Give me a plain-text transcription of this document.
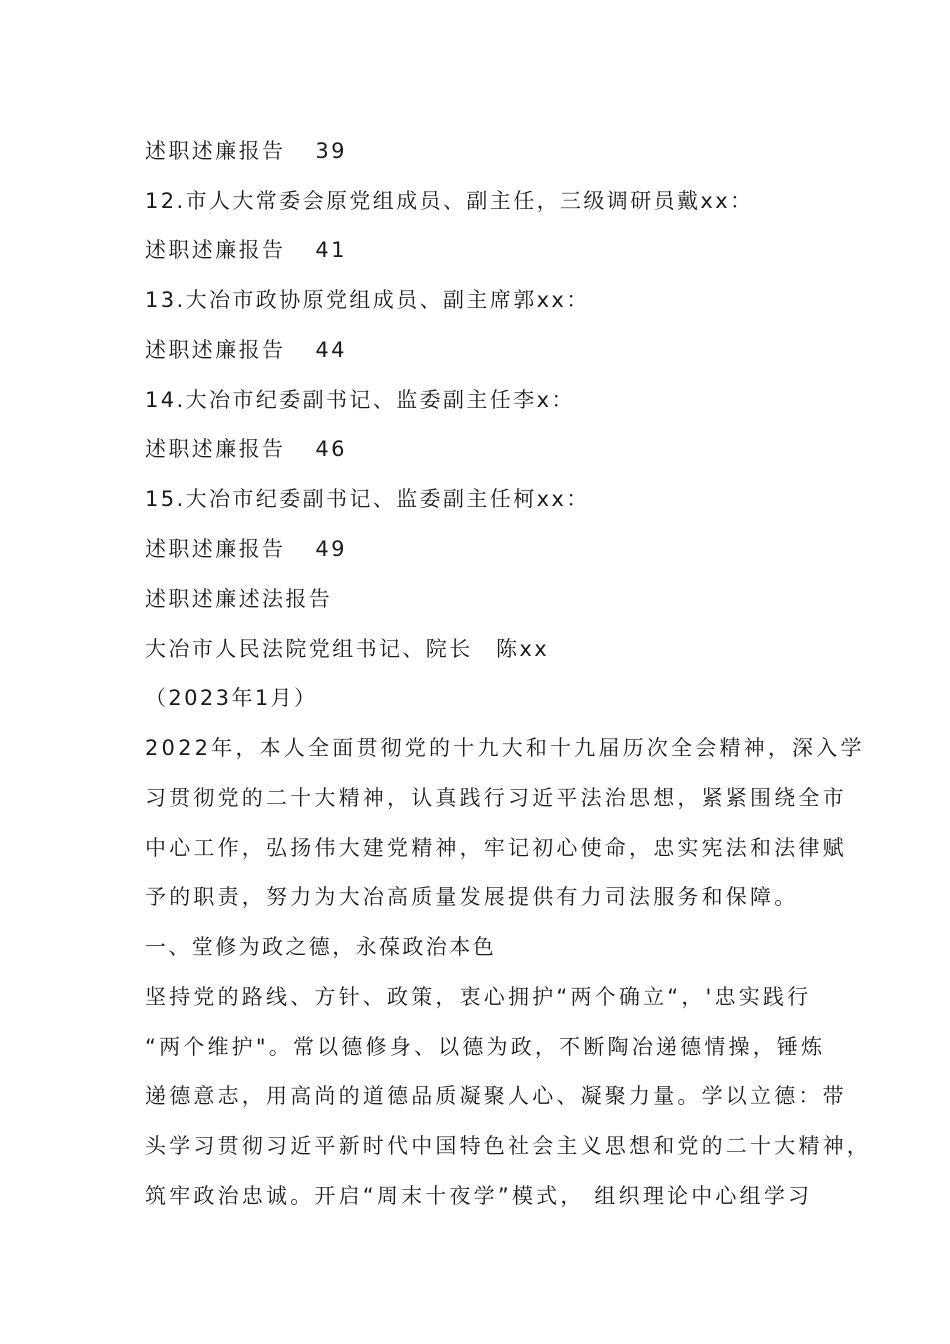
述职述廉报告 39
12.市人大常委会原党组成员、副主任，三级调研员戴xx：
述职述廉报告 41
13.大冶市政协原党组成员、副主席郭xx：
述职述廉报告 44
14.大冶市纪委副书记、监委副主任李x：
述职述廉报告 46
15.大冶市纪委副书记、监委副主任柯xx：
述职述廉报告 49
述职述廉述法报告
大冶市人民法院党组书记、院长　陈xx
（2023年1月）
2022年，本人全面贯彻党的十九大和十九届历次全会精神，深入学
习贯彻党的二十大精神，认真践行习近平法治思想，紧紧围绕全市
中心工作，弘扬伟大建党精神，牢记初心使命，忠实宪法和法律赋
予的职责，努力为大冶高质量发展提供有力司法服务和保障。
一、堂修为政之德，永葆政治本色
坚持党的路线、方针、政策，衷心拥护“两个确立“，'忠实践行
“两个维护"。常以德修身、以德为政，不断陶冶递德情操，锤炼
递德意志，用高尚的道德品质凝聚人心、凝聚力量。学以立德：带
头学习贯彻习近平新时代中国特色社会主义思想和党的二十大精神，
筑牢政治忠诚。开启“周末十夜学”模式， 组织理论中心组学习
